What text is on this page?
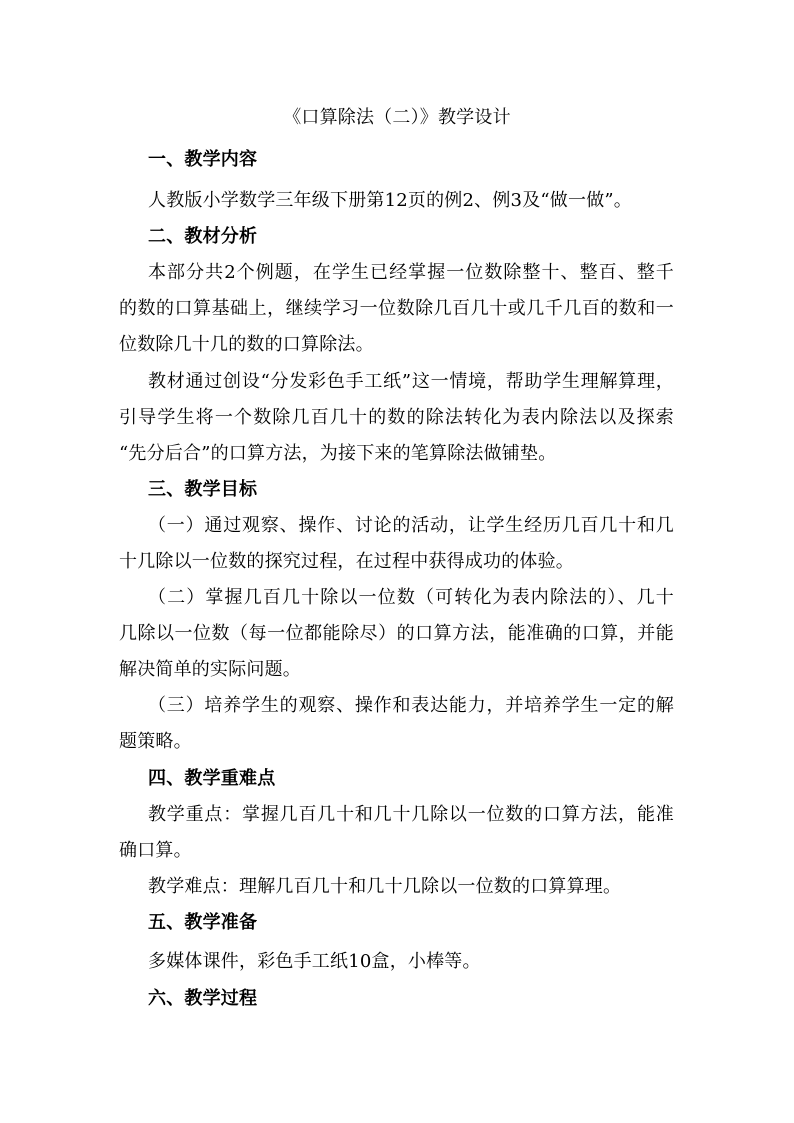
《口算除法（二）》教学设计
一、教学内容
人教版小学数学三年级下册第12页的例2、例3及“做一做”。
二、教材分析
本部分共2个例题，在学生已经掌握一位数除整十、整百、整千
的数的口算基础上，继续学习一位数除几百几十或几千几百的数和一
位数除几十几的数的口算除法。
教材通过创设“分发彩色手工纸”这一情境，帮助学生理解算理，
引导学生将一个数除几百几十的数的除法转化为表内除法以及探索
“先分后合”的口算方法，为接下来的笔算除法做铺垫。
三、教学目标
（一）通过观察、操作、讨论的活动，让学生经历几百几十和几
十几除以一位数的探究过程，在过程中获得成功的体验。
（二）掌握几百几十除以一位数（可转化为表内除法的）、几十
几除以一位数（每一位都能除尽）的口算方法，能准确的口算，并能
解决简单的实际问题。
（三）培养学生的观察、操作和表达能力，并培养学生一定的解
题策略。
四、教学重难点
教学重点：掌握几百几十和几十几除以一位数的口算方法，能准
确口算。
教学难点：理解几百几十和几十几除以一位数的口算算理。
五、教学准备
多媒体课件，彩色手工纸10盒，小棒等。
六、教学过程
